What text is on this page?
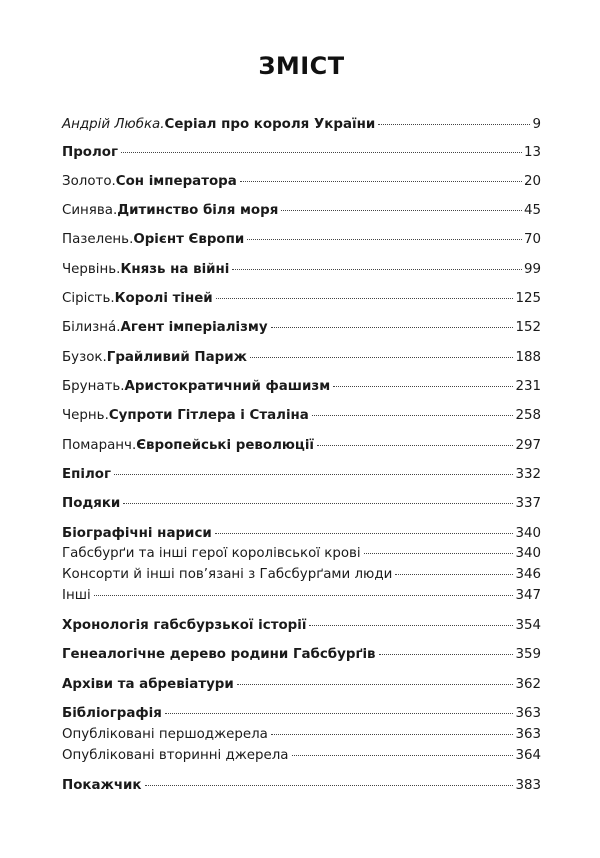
ЗМІСТ
Андрій Любка. Серіал про короля України	9
Пролог	13
Золото. Сон імператора	20
Синява. Дитинство біля моря	45
Пазелень. Орієнт Європи	70
Червінь. Князь на війні	99
Сірість. Королі тіней	125
Білизна́. Агент імперіалізму	152
Бузок. Грайливий Париж	188
Брунать. Аристократичний фашизм	231
Чернь. Супроти Гітлера і Сталіна	258
Помаранч. Європейські революції	297
Епілог	332
Подяки	337
Біографічні нариси	340
Габсбурґи та інші герої королівської крові	340
Консорти й інші пов’язані з Габсбурґами люди	346
Інші	347
Хронологія габсбурзької історії	354
Генеалогічне дерево родини Габсбурґів	359
Архіви та абревіатури	362
Бібліографія	363
Опубліковані першоджерела	363
Опубліковані вторинні джерела	364
Покажчик	383
